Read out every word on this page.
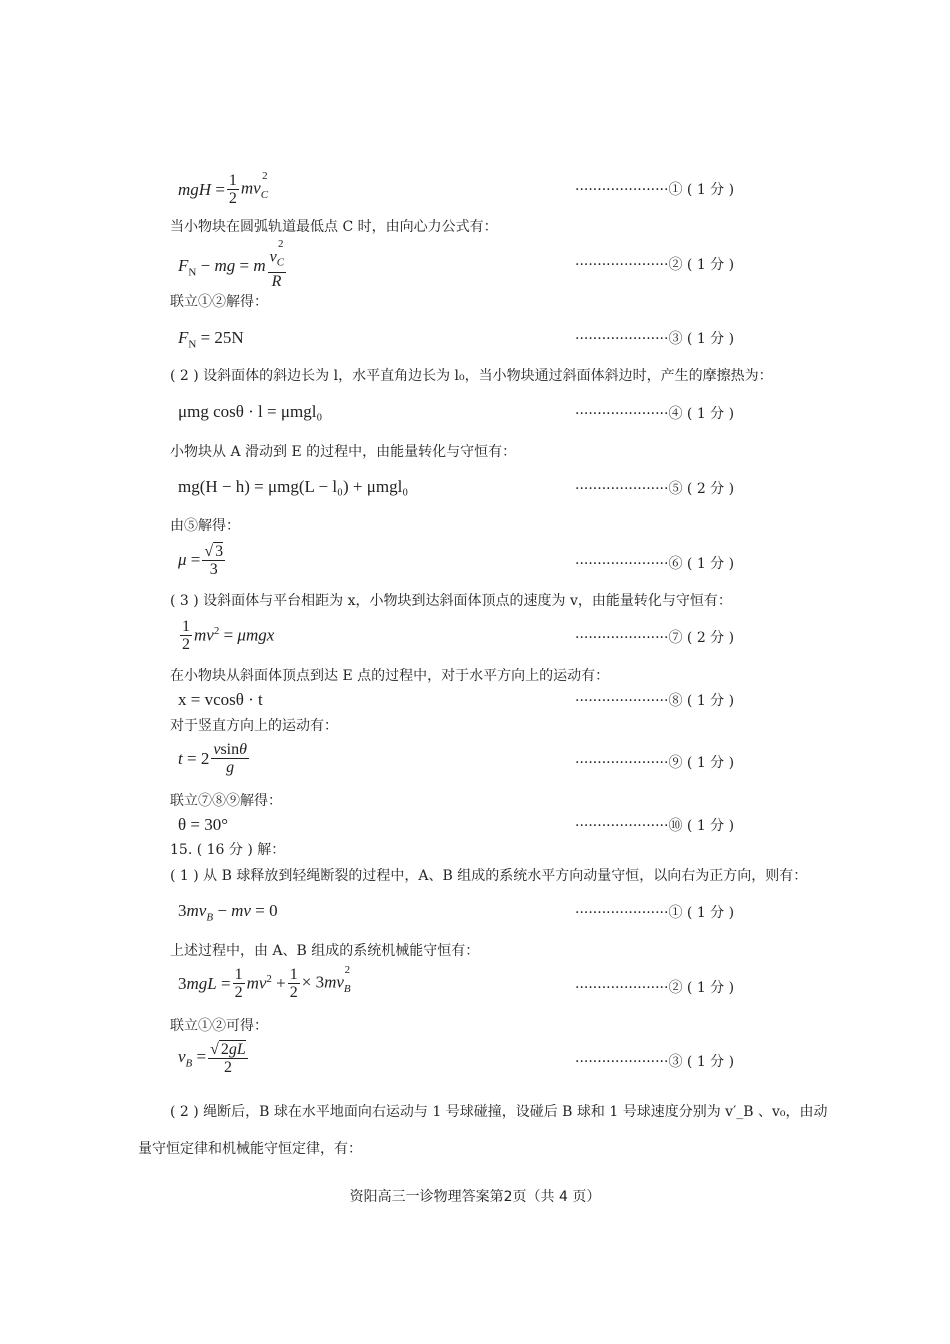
mgH = $\frac{1}{2} mv_C^2$
·····················① ( 1 分 )
当小物块在圆弧轨道最低点 C 时，由向心力公式有：
$F_N$ − mg = m $\frac{v_C^2}{R}$	·····················② ( 1 分 )
联立①②解得：
$F_N = 25N$	·····················③ ( 1 分 )
( 2 ) 设斜面体的斜边长为 l，水平直角边长为 l₀，当小物块通过斜面体斜边时，产生的摩擦热为：
μmg cosθ · l = μmgl₀	·····················④ ( 1 分 )
小物块从 A 滑动到 E 的过程中，由能量转化与守恒有：
mg(H − h) = μmg(L − l₀) + μmgl₀	·····················⑤ ( 2 分 )
由⑤解得：
$\mu = \frac{√ 3}{3}$	·····················⑥ ( 1 分 )
( 3 ) 设斜面体与平台相距为 x，小物块到达斜面体顶点的速度为 v，由能量转化与守恒有：
$\frac{1}{2} mv^2 = \mu mgx$	·····················⑦ ( 2 分 )
在小物块从斜面体顶点到达 E 点的过程中，对于水平方向上的运动有：
x = vcosθ · t	·····················⑧ ( 1 分 )
对于竖直方向上的运动有：
$t = 2 \frac{vsin\theta}{g}$	·····················⑨ ( 1 分 )
联立⑦⑧⑨解得：
θ = 30°	·····················⑩ ( 1 分 )
15. ( 16 分 ) 解：
( 1 ) 从 B 球释放到轻绳断裂的过程中，A、B 组成的系统水平方向动量守恒，以向右为正方向，则有：
$3mv_B$ − mv = 0	·····················① ( 1 分 )
上述过程中，由 A、B 组成的系统机械能守恒有：
$3mgL = \frac{1}{2} mv^2 + \frac{1}{2} \times 3mv_B^2$
·····················② ( 1 分 )
联立①②可得：
$v_B = \frac{√ 2gL}{2}$	·····················③ ( 1 分 )
( 2 ) 绳断后，B 球在水平地面向右运动与 1 号球碰撞，设碰后 B 球和 1 号球速度分别为 v′_B 、v₀，由动
量守恒定律和机械能守恒定律，有：
资阳高三一诊物理答案第2页（共 4 页）
